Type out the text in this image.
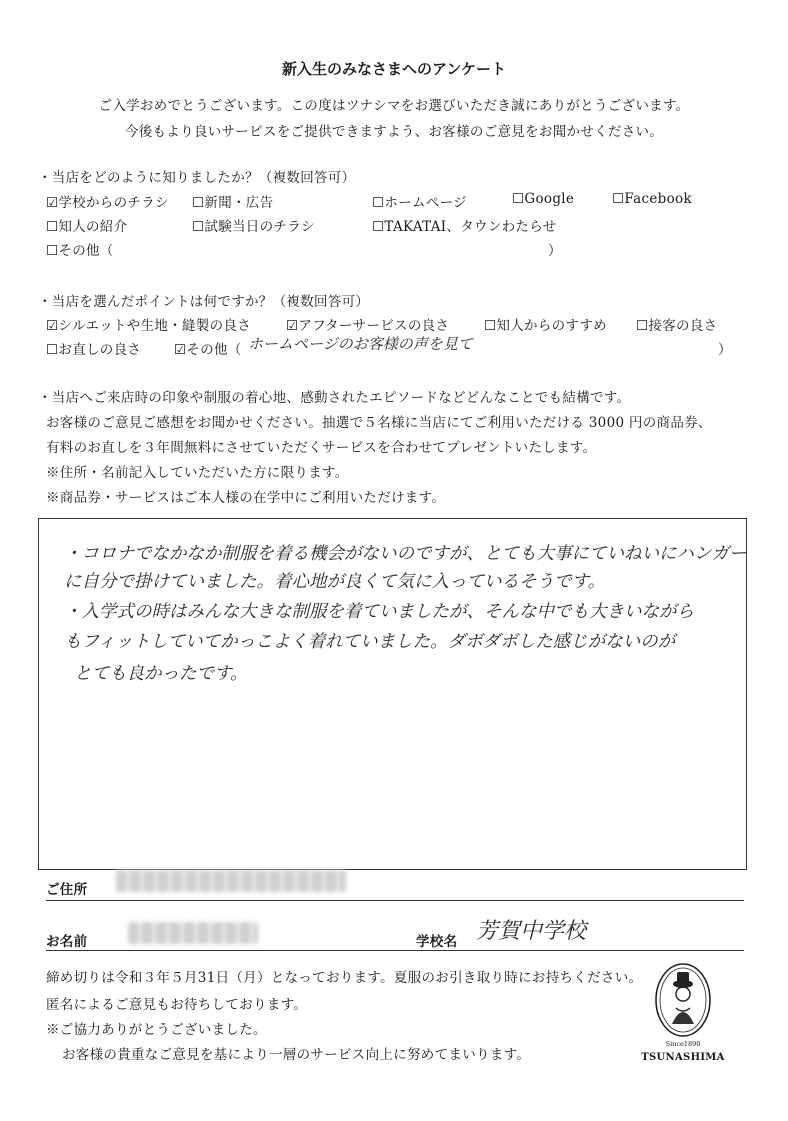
新入生のみなさまへのアンケート
ご入学おめでとうございます。この度はツナシマをお選びいただき誠にありがとうございます。
今後もより良いサービスをご提供できますよう、お客様のご意見をお聞かせください。
・当店をどのように知りましたか？（複数回答可）
☑学校からのチラシ ☐新聞・広告	☐ホームページ	☐Google	☐Facebook
☐知人の紹介	☐試験当日のチラシ	☐TAKATAI、タウンわたらせ
☐その他（	）
・当店を選んだポイントは何ですか？（複数回答可）
☑シルエットや生地・縫製の良さ	☑アフターサービスの良さ	☐知人からのすすめ ☐接客の良さ
☐お直しの良さ ☑その他（ ホームページのお客様の声を見て	）
・当店へご来店時の印象や制服の着心地、感動されたエピソードなどどんなことでも結構です。
お客様のご意見ご感想をお聞かせください。抽選で５名様に当店にてご利用いただける 3000 円の商品券、
有料のお直しを３年間無料にさせていただくサービスを合わせてプレゼントいたします。
※住所・名前記入していただいた方に限ります。
※商品券・サービスはご本人様の在学中にご利用いただけます。
・コロナでなかなか制服を着る機会がないのですが、とても大事にていねいにハンガー
に自分で掛けていました。着心地が良くて気に入っているそうです。
・入学式の時はみんな大きな制服を着ていましたが、そんな中でも大きいながら
もフィットしていてかっこよく着れていました。ダボダボした感じがないのが
とても良かったです。
ご住所
お名前	学校名 芳賀中学校
締め切りは令和３年５月31日（月）となっております。夏服のお引き取り時にお持ちください。
匿名によるご意見もお待ちしております。
※ご協力ありがとうございました。
お客様の貴重なご意見を基により一層のサービス向上に努めてまいります。
Since1890
TSUNASHIMA
